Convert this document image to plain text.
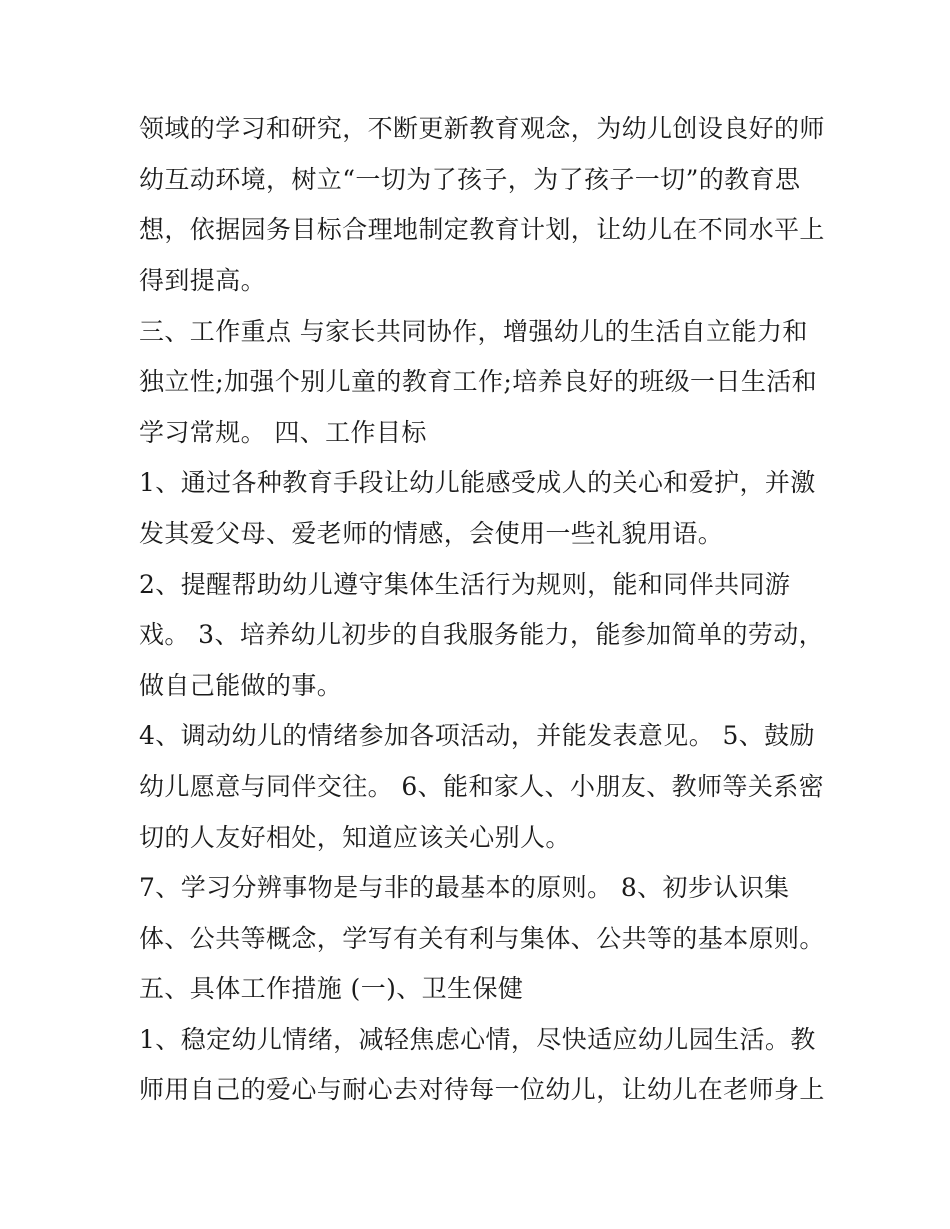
领域的学习和研究，不断更新教育观念，为幼儿创设良好的师
幼互动环境，树立“一切为了孩子，为了孩子一切”的教育思
想，依据园务目标合理地制定教育计划，让幼儿在不同水平上
得到提高。
三、工作重点 与家长共同协作，增强幼儿的生活自立能力和
独立性;加强个别儿童的教育工作;培养良好的班级一日生活和
学习常规。 四、工作目标
1、通过各种教育手段让幼儿能感受成人的关心和爱护，并激
发其爱父母、爱老师的情感，会使用一些礼貌用语。
2、提醒帮助幼儿遵守集体生活行为规则，能和同伴共同游
戏。 3、培养幼儿初步的自我服务能力，能参加简单的劳动，
做自己能做的事。
4、调动幼儿的情绪参加各项活动，并能发表意见。 5、鼓励
幼儿愿意与同伴交往。 6、能和家人、小朋友、教师等关系密
切的人友好相处，知道应该关心别人。
7、学习分辨事物是与非的最基本的原则。 8、初步认识集
体、公共等概念，学写有关有利与集体、公共等的基本原则。
五、具体工作措施 (一)、卫生保健
1、稳定幼儿情绪，减轻焦虑心情，尽快适应幼儿园生活。教
师用自己的爱心与耐心去对待每一位幼儿，让幼儿在老师身上
